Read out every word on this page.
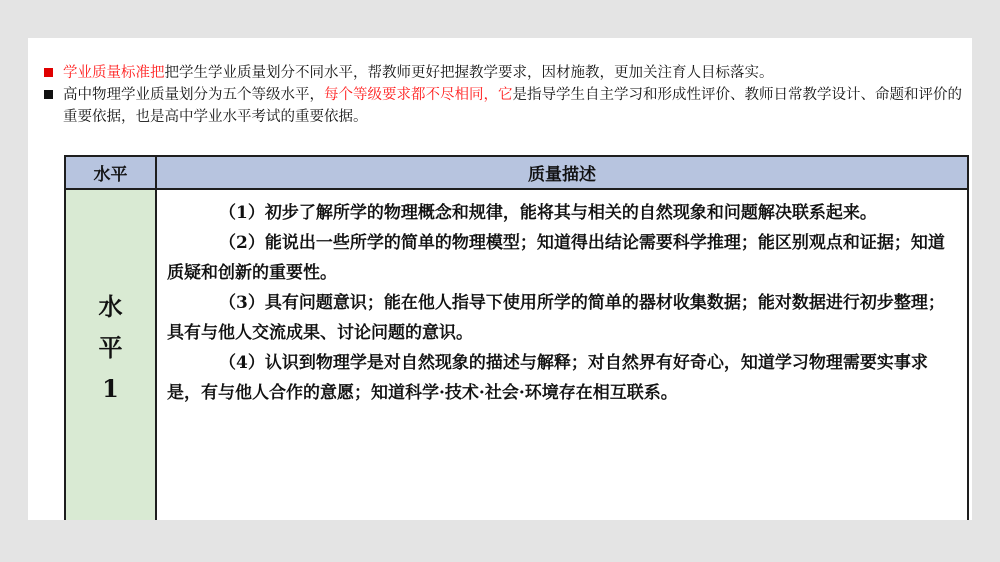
学业质量标准把把学生学业质量划分不同水平，帮教师更好把握教学要求，因材施教，更加关注育人目标落实。
高中物理学业质量划分为五个等级水平，每个等级要求都不尽相同，它是指导学生自主学习和形成性评价、教师日常教学设计、命题和评价的重要依据，也是高中学业水平考试的重要依据。
水平	质量描述
水
平
1

（1）初步了解所学的物理概念和规律，能将其与相关的自然现象和问题解决联系起来。

（2）能说出一些所学的简单的物理模型；知道得出结论需要科学推理；能区别观点和证据；知道质疑和创新的重要性。

（3）具有问题意识；能在他人指导下使用所学的简单的器材收集数据；能对数据进行初步整理；具有与他人交流成果、讨论问题的意识。

（4）认识到物理学是对自然现象的描述与解释；对自然界有好奇心，知道学习物理需要实事求是，有与他人合作的意愿；知道科学·技术·社会·环境存在相互联系。
